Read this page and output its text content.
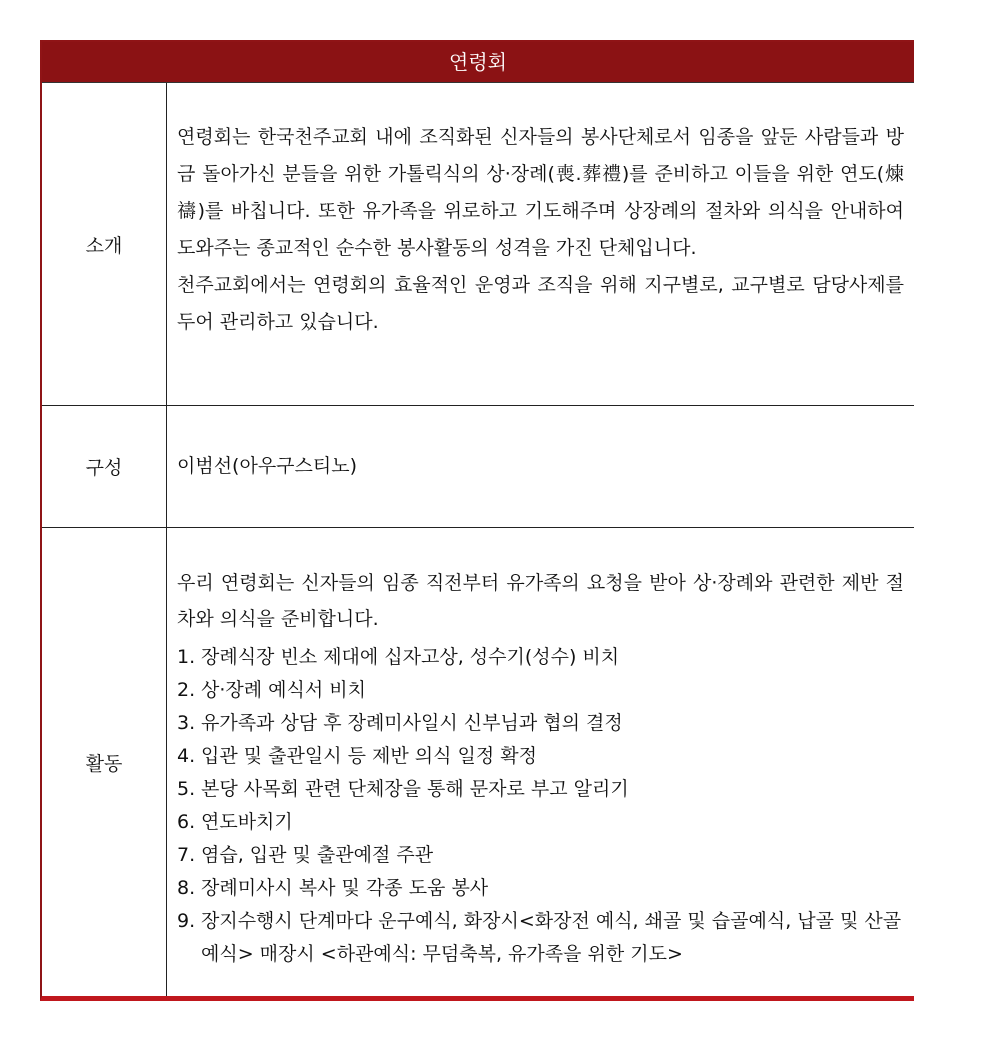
연령회
소개

연령회는 한국천주교회 내에 조직화된 신자들의 봉사단체로서 임종을 앞둔 사람들과 방금 돌아가신 분들을 위한 가톨릭식의 상·장례(喪.葬禮)를 준비하고 이들을 위한 연도(煉禱)를 바칩니다. 또한 유가족을 위로하고 기도해주며 상장례의 절차와 의식을 안내하여 도와주는 종교적인 순수한 봉사활동의 성격을 가진 단체입니다.

천주교회에서는 연령회의 효율적인 운영과 조직을 위해 지구별로, 교구별로 담당사제를 두어 관리하고 있습니다.

구성	이범선(아우구스티노)
활동

우리 연령회는 신자들의 임종 직전부터 유가족의 요청을 받아 상·장례와 관련한 제반 절차와 의식을 준비합니다.

1. 장례식장 빈소 제대에 십자고상, 성수기(성수) 비치
2. 상·장례 예식서 비치
3. 유가족과 상담 후 장례미사일시 신부님과 협의 결정
4. 입관 및 출관일시 등 제반 의식 일정 확정
5. 본당 사목회 관련 단체장을 통해 문자로 부고 알리기
6. 연도바치기
7. 염습, 입관 및 출관예절 주관
8. 장례미사시 복사 및 각종 도움 봉사
9. 장지수행시 단계마다 운구예식, 화장시<화장전 예식, 쇄골 및 습골예식, 납골 및 산골예식> 매장시 <하관예식: 무덤축복, 유가족을 위한 기도>
